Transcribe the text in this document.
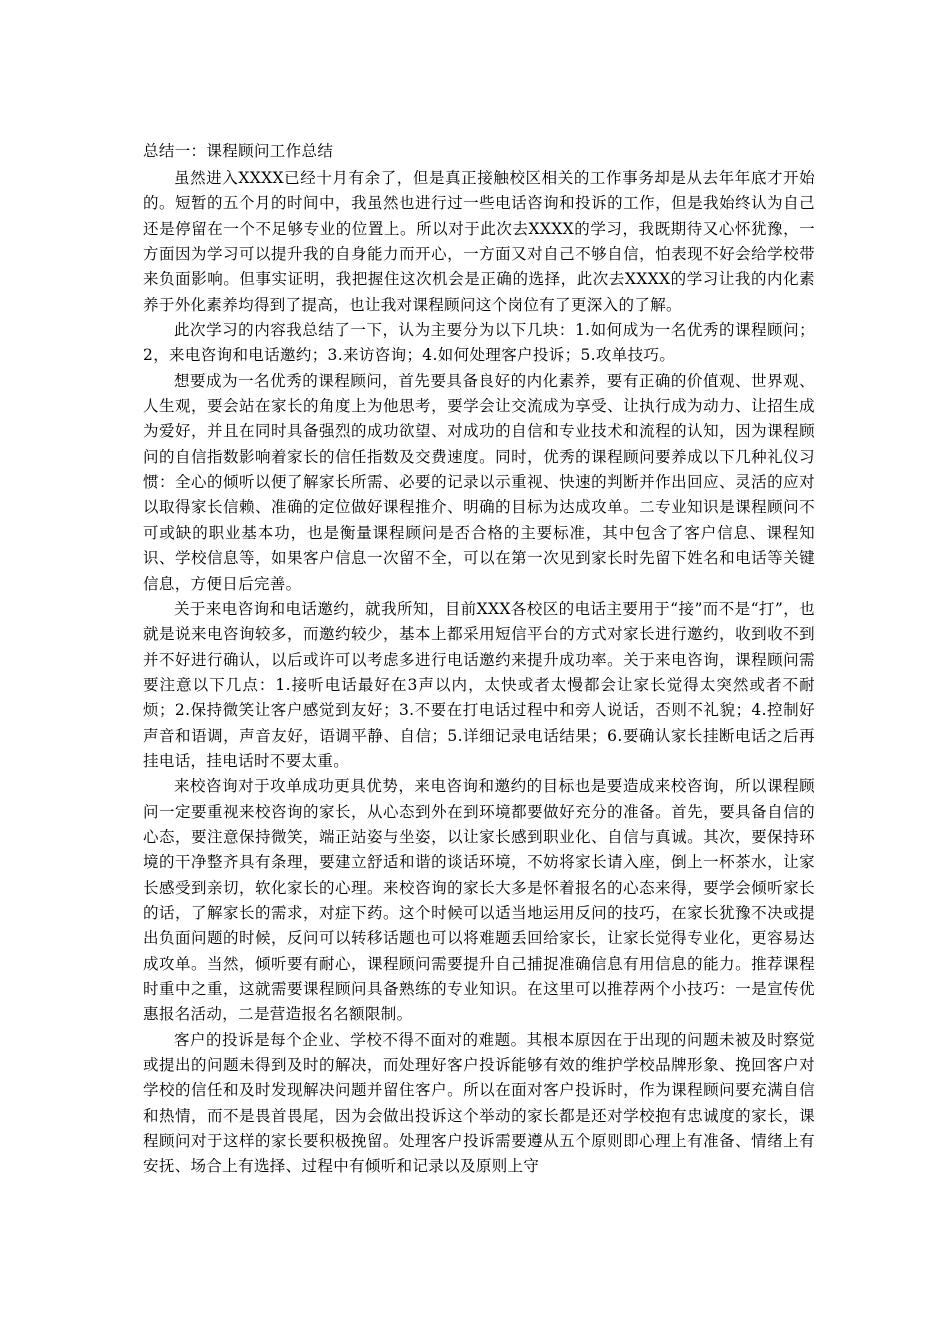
总结一：课程顾问工作总结

虽然进入XXXX已经十月有余了，但是真正接触校区相关的工作事务却是从去年年底才开始的。短暂的五个月的时间中，我虽然也进行过一些电话咨询和投诉的工作，但是我始终认为自己还是停留在一个不足够专业的位置上。所以对于此次去XXXX的学习，我既期待又心怀犹豫，一方面因为学习可以提升我的自身能力而开心，一方面又对自己不够自信，怕表现不好会给学校带来负面影响。但事实证明，我把握住这次机会是正确的选择，此次去XXXX的学习让我的内化素养于外化素养均得到了提高，也让我对课程顾问这个岗位有了更深入的了解。

此次学习的内容我总结了一下，认为主要分为以下几块：1.如何成为一名优秀的课程顾问；2，来电咨询和电话邀约；3.来访咨询；4.如何处理客户投诉；5.攻单技巧。

想要成为一名优秀的课程顾问，首先要具备良好的内化素养，要有正确的价值观、世界观、人生观，要会站在家长的角度上为他思考，要学会让交流成为享受、让执行成为动力、让招生成为爱好，并且在同时具备强烈的成功欲望、对成功的自信和专业技术和流程的认知，因为课程顾问的自信指数影响着家长的信任指数及交费速度。同时，优秀的课程顾问要养成以下几种礼仪习惯：全心的倾听以便了解家长所需、必要的记录以示重视、快速的判断并作出回应、灵活的应对以取得家长信赖、准确的定位做好课程推介、明确的目标为达成攻单。二专业知识是课程顾问不可或缺的职业基本功，也是衡量课程顾问是否合格的主要标准，其中包含了客户信息、课程知识、学校信息等，如果客户信息一次留不全，可以在第一次见到家长时先留下姓名和电话等关键信息，方便日后完善。

关于来电咨询和电话邀约，就我所知，目前XXX各校区的电话主要用于“接”而不是“打”，也就是说来电咨询较多，而邀约较少，基本上都采用短信平台的方式对家长进行邀约，收到收不到并不好进行确认，以后或许可以考虑多进行电话邀约来提升成功率。关于来电咨询，课程顾问需要注意以下几点：1.接听电话最好在3声以内，太快或者太慢都会让家长觉得太突然或者不耐烦；2.保持微笑让客户感觉到友好；3.不要在打电话过程中和旁人说话，否则不礼貌；4.控制好声音和语调，声音友好，语调平静、自信；5.详细记录电话结果；6.要确认家长挂断电话之后再挂电话，挂电话时不要太重。

来校咨询对于攻单成功更具优势，来电咨询和邀约的目标也是要造成来校咨询，所以课程顾问一定要重视来校咨询的家长，从心态到外在到环境都要做好充分的准备。首先，要具备自信的心态，要注意保持微笑，端正站姿与坐姿，以让家长感到职业化、自信与真诚。其次，要保持环境的干净整齐具有条理，要建立舒适和谐的谈话环境，不妨将家长请入座，倒上一杯茶水，让家长感受到亲切，软化家长的心理。来校咨询的家长大多是怀着报名的心态来得，要学会倾听家长的话，了解家长的需求，对症下药。这个时候可以适当地运用反问的技巧，在家长犹豫不决或提出负面问题的时候，反问可以转移话题也可以将难题丢回给家长，让家长觉得专业化，更容易达成攻单。当然，倾听要有耐心，课程顾问需要提升自己捕捉准确信息有用信息的能力。推荐课程时重中之重，这就需要课程顾问具备熟练的专业知识。在这里可以推荐两个小技巧：一是宣传优惠报名活动，二是营造报名名额限制。

客户的投诉是每个企业、学校不得不面对的难题。其根本原因在于出现的问题未被及时察觉或提出的问题未得到及时的解决，而处理好客户投诉能够有效的维护学校品牌形象、挽回客户对学校的信任和及时发现解决问题并留住客户。所以在面对客户投诉时，作为课程顾问要充满自信和热情，而不是畏首畏尾，因为会做出投诉这个举动的家长都是还对学校抱有忠诚度的家长，课程顾问对于这样的家长要积极挽留。处理客户投诉需要遵从五个原则即心理上有准备、情绪上有安抚、场合上有选择、过程中有倾听和记录以及原则上守
